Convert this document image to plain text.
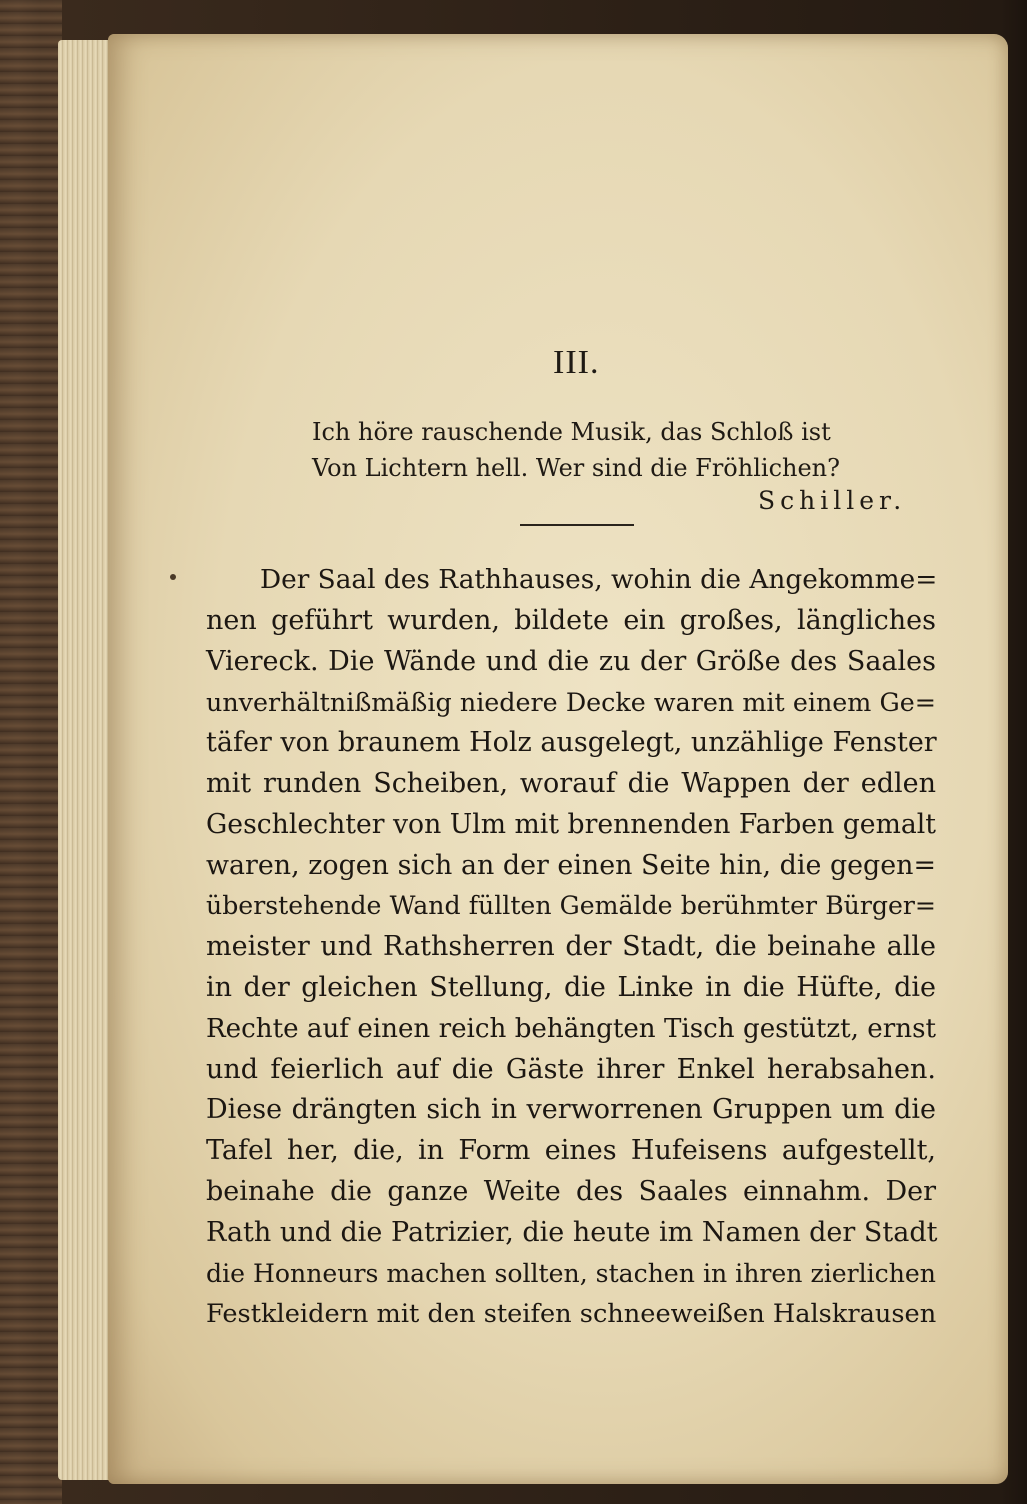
III.
Ich höre rauschende Musik, das Schloß ist
Von Lichtern hell. Wer sind die Fröhlichen?
Schiller.
Der Saal des Rathhauses, wohin die Angekomme=
nen geführt wurden, bildete ein großes, längliches
Viereck. Die Wände und die zu der Größe des Saales
unverhältnißmäßig niedere Decke waren mit einem Ge=
täfer von braunem Holz ausgelegt, unzählige Fenster
mit runden Scheiben, worauf die Wappen der edlen
Geschlechter von Ulm mit brennenden Farben gemalt
waren, zogen sich an der einen Seite hin, die gegen=
überstehende Wand füllten Gemälde berühmter Bürger=
meister und Rathsherren der Stadt, die beinahe alle
in der gleichen Stellung, die Linke in die Hüfte, die
Rechte auf einen reich behängten Tisch gestützt, ernst
und feierlich auf die Gäste ihrer Enkel herabsahen.
Diese drängten sich in verworrenen Gruppen um die
Tafel her, die, in Form eines Hufeisens aufgestellt,
beinahe die ganze Weite des Saales einnahm. Der
Rath und die Patrizier, die heute im Namen der Stadt
die Honneurs machen sollten, stachen in ihren zierlichen
Festkleidern mit den steifen schneeweißen Halskrausen
